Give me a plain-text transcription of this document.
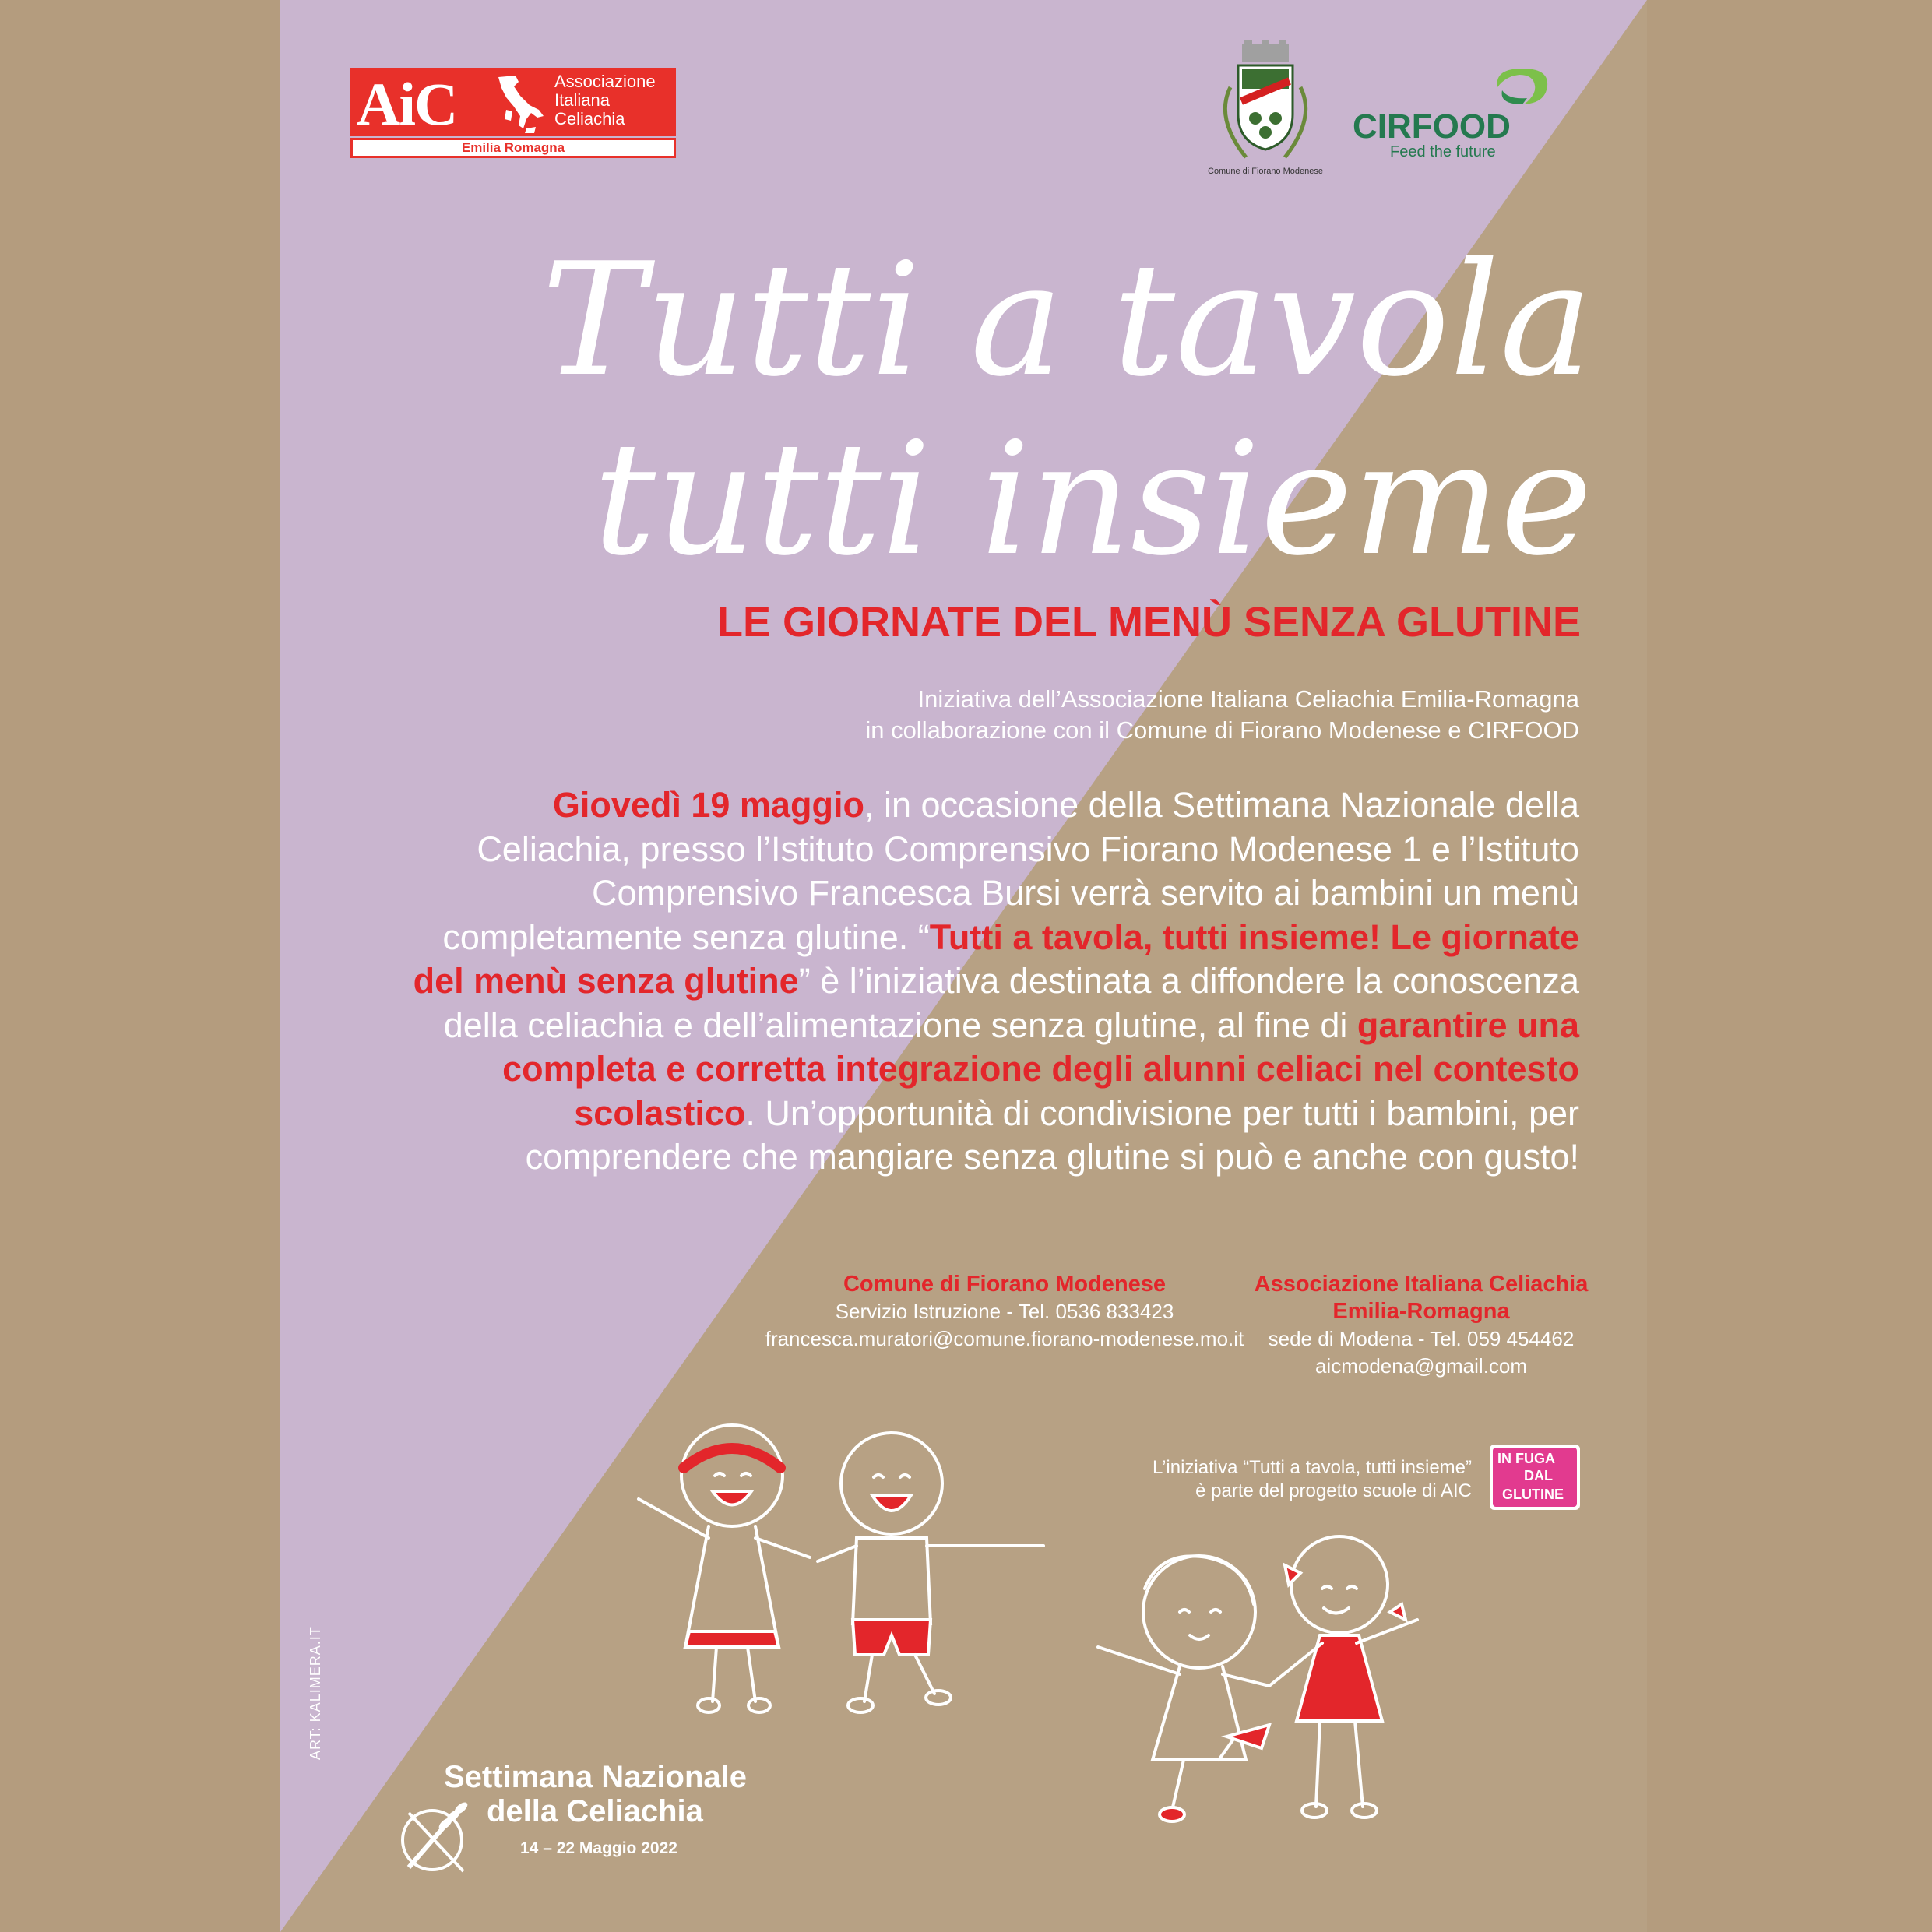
AiC	Associazione
Italiana
Celiachia
Emilia Romagna
Comune di Fiorano Modenese
CIRFOOD
Feed the future
Tutti a tavola
tutti insieme
LE GIORNATE DEL MENÙ SENZA GLUTINE
Iniziativa dell’Associazione Italiana Celiachia Emilia-Romagna
in collaborazione con il Comune di Fiorano Modenese e CIRFOOD
Giovedì 19 maggio, in occasione della Settimana Nazionale della Celiachia, presso l’Istituto Comprensivo Fiorano Modenese 1 e l’Istituto Comprensivo Francesca Bursi verrà servito ai bambini un menù completamente senza glutine. “Tutti a tavola, tutti insieme! Le giornate del menù senza glutine” è l’iniziativa destinata a diffondere la conoscenza della celiachia e dell’alimentazione senza glutine, al fine di garantire una completa e corretta integrazione degli alunni celiaci nel contesto scolastico. Un’opportunità di condivisione per tutti i bambini, per comprendere che mangiare senza glutine si può e anche con gusto!
Comune di Fiorano Modenese
Servizio Istruzione - Tel. 0536 833423
francesca.muratori@comune.fiorano-modenese.mo.it
Associazione Italiana Celiachia
Emilia-Romagna
sede di Modena - Tel. 059 454462
aicmodena@gmail.com
L’iniziativa “Tutti a tavola, tutti insieme”
è parte del progetto scuole di AIC
IN FUGA
DAL
GLUTINE
ART: KALIMERA.IT
Settimana Nazionale
della Celiachia
14 – 22 Maggio 2022
